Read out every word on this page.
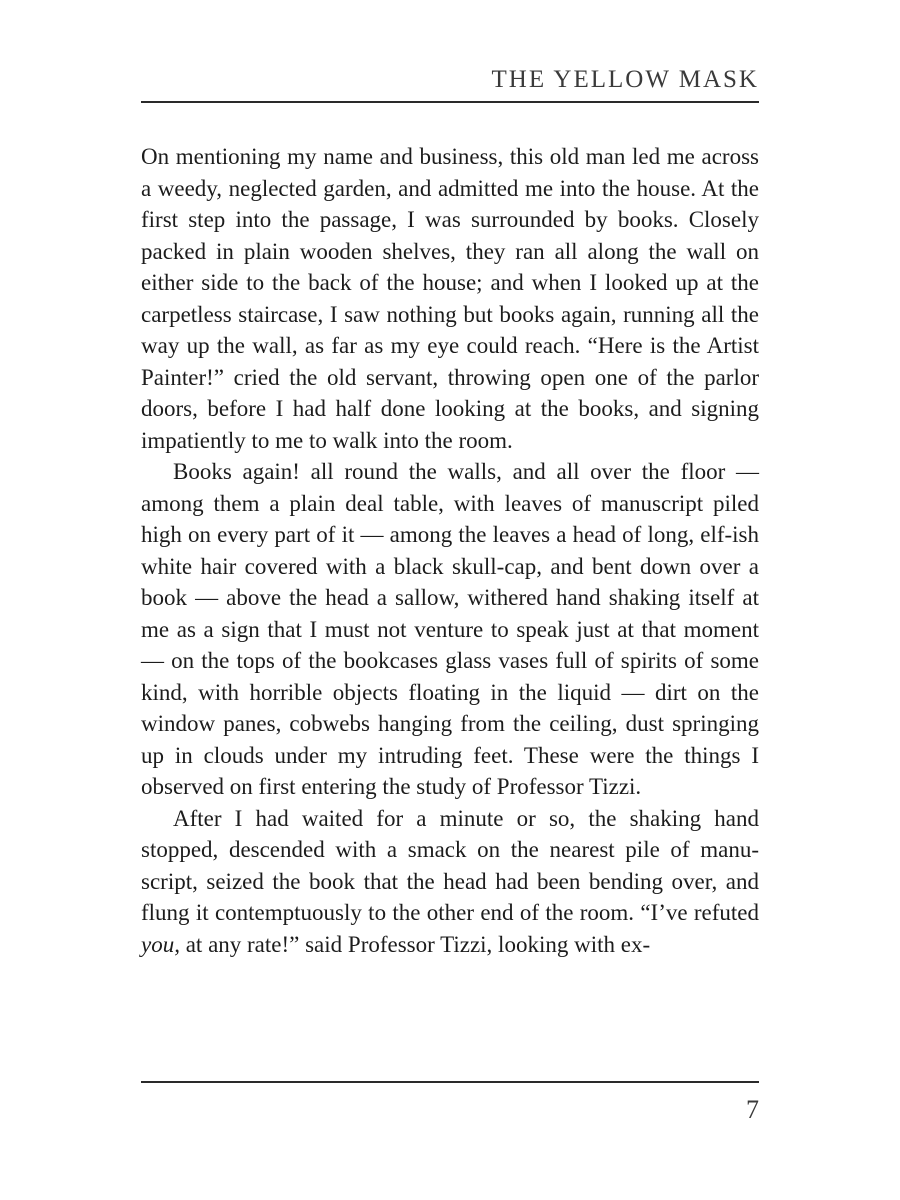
THE YELLOW MASK

On mentioning my name and business, this old man led me across a weedy, neglected garden, and admitted me into the house. At the first step into the passage, I was surrounded by books. Closely packed in plain wooden shelves, they ran all along the wall on either side to the back of the house; and when I looked up at the carpetless staircase, I saw nothing but books again, running all the way up the wall, as far as my eye could reach. “Here is the Artist Painter!” cried the old servant, throwing open one of the parlor doors, before I had half done looking at the books, and signing impatiently to me to walk into the room.

Books again! all round the walls, and all over the floor — among them a plain deal table, with leaves of manuscript piled high on every part of it — among the leaves a head of long, elf-ish white hair covered with a black skull-cap, and bent down over a book — above the head a sallow, withered hand shaking itself at me as a sign that I must not venture to speak just at that moment — on the tops of the bookcases glass vases full of spirits of some kind, with horrible objects floating in the liquid — dirt on the window panes, cobwebs hanging from the ceiling, dust springing up in clouds under my intruding feet. These were the things I observed on first entering the study of Professor Tizzi.

After I had waited for a minute or so, the shaking hand stopped, descended with a smack on the nearest pile of manu-script, seized the book that the head had been bending over, and flung it contemptuously to the other end of the room. “I’ve refuted you, at any rate!” said Professor Tizzi, looking with ex-

7
